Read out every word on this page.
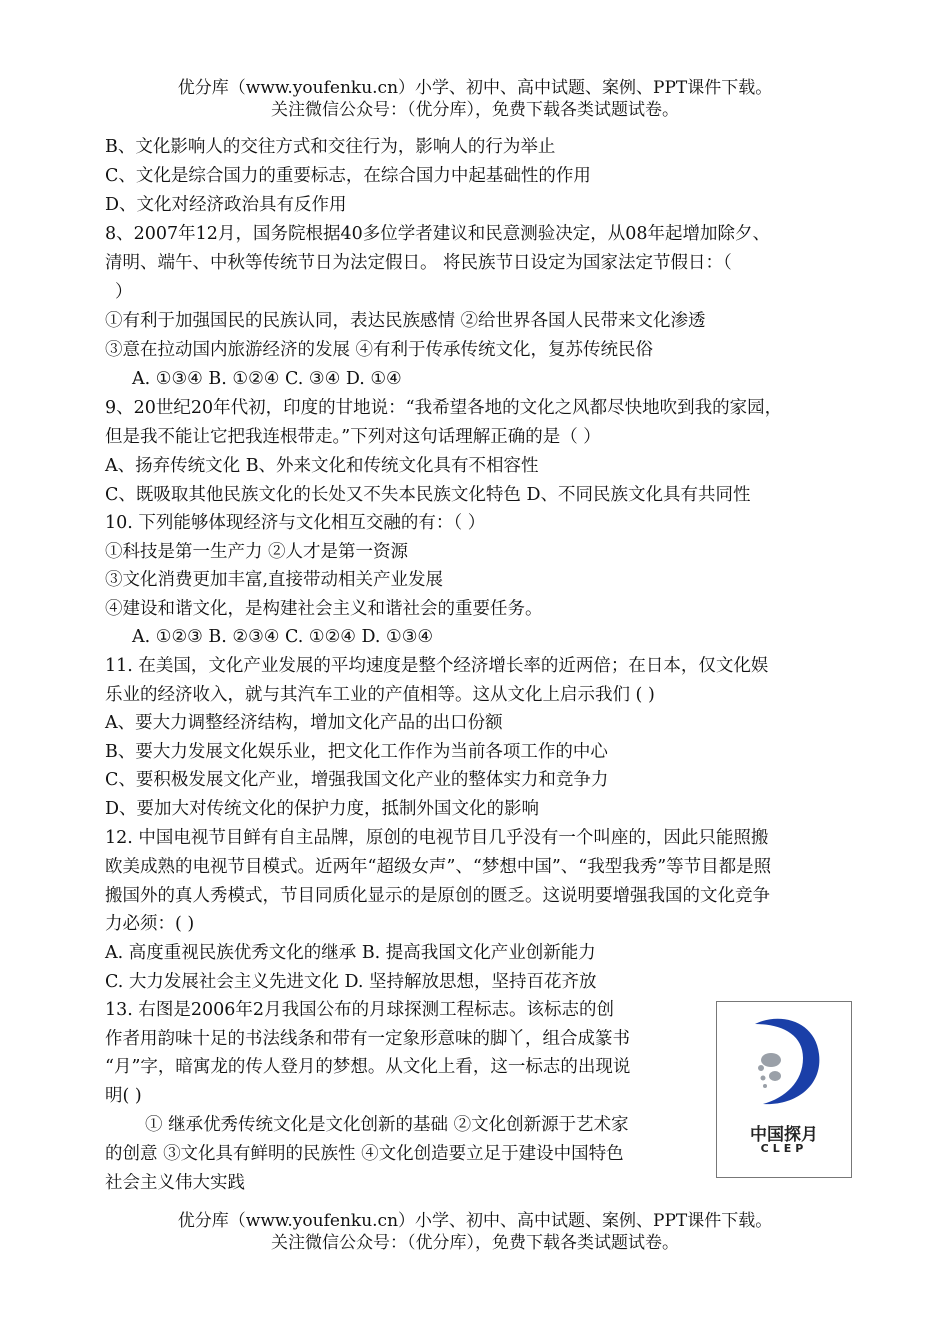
优分库（www.youfenku.cn）小学、初中、高中试题、案例、PPT课件下载。
关注微信公众号：（优分库），免费下载各类试题试卷。
B、文化影响人的交往方式和交往行为，影响人的行为举止
C、文化是综合国力的重要标志，在综合国力中起基础性的作用
D、文化对经济政治具有反作用
8、2007年12月，国务院根据40多位学者建议和民意测验决定，从08年起增加除夕、
清明、端午、中秋等传统节日为法定假日。 将民族节日设定为国家法定节假日：（
）
①有利于加强国民的民族认同，表达民族感情 ②给世界各国人民带来文化渗透
③意在拉动国内旅游经济的发展 ④有利于传承传统文化，复苏传统民俗
A. ①③④ B. ①②④ C. ③④ D. ①④
9、20世纪20年代初，印度的甘地说：“我希望各地的文化之风都尽快地吹到我的家园，
但是我不能让它把我连根带走。”下列对这句话理解正确的是（ ）
A、扬弃传统文化 B、外来文化和传统文化具有不相容性
C、既吸取其他民族文化的长处又不失本民族文化特色 D、不同民族文化具有共同性
10. 下列能够体现经济与文化相互交融的有：（ ）
①科技是第一生产力 ②人才是第一资源
③文化消费更加丰富,直接带动相关产业发展
④建设和谐文化，是构建社会主义和谐社会的重要任务。
A. ①②③ B. ②③④ C. ①②④ D. ①③④
11. 在美国，文化产业发展的平均速度是整个经济增长率的近两倍；在日本，仅文化娱
乐业的经济收入，就与其汽车工业的产值相等。这从文化上启示我们 ( )
A、要大力调整经济结构，增加文化产品的出口份额
B、要大力发展文化娱乐业，把文化工作作为当前各项工作的中心
C、要积极发展文化产业，增强我国文化产业的整体实力和竞争力
D、要加大对传统文化的保护力度，抵制外国文化的影响
12. 中国电视节目鲜有自主品牌，原创的电视节目几乎没有一个叫座的，因此只能照搬
欧美成熟的电视节目模式。近两年“超级女声”、“梦想中国”、“我型我秀”等节目都是照
搬国外的真人秀模式，节目同质化显示的是原创的匮乏。这说明要增强我国的文化竞争
力必须：( )
A. 高度重视民族优秀文化的继承 B. 提高我国文化产业创新能力
C. 大力发展社会主义先进文化 D. 坚持解放思想，坚持百花齐放
13. 右图是2006年2月我国公布的月球探测工程标志。该标志的创
作者用韵味十足的书法线条和带有一定象形意味的脚丫，组合成篆书
“月”字，暗寓龙的传人登月的梦想。从文化上看，这一标志的出现说
明( )
① 继承优秀传统文化是文化创新的基础 ②文化创新源于艺术家
的创意 ③文化具有鲜明的民族性 ④文化创造要立足于建设中国特色
社会主义伟大实践
中国探月
CLEP
优分库（www.youfenku.cn）小学、初中、高中试题、案例、PPT课件下载。
关注微信公众号：（优分库），免费下载各类试题试卷。
